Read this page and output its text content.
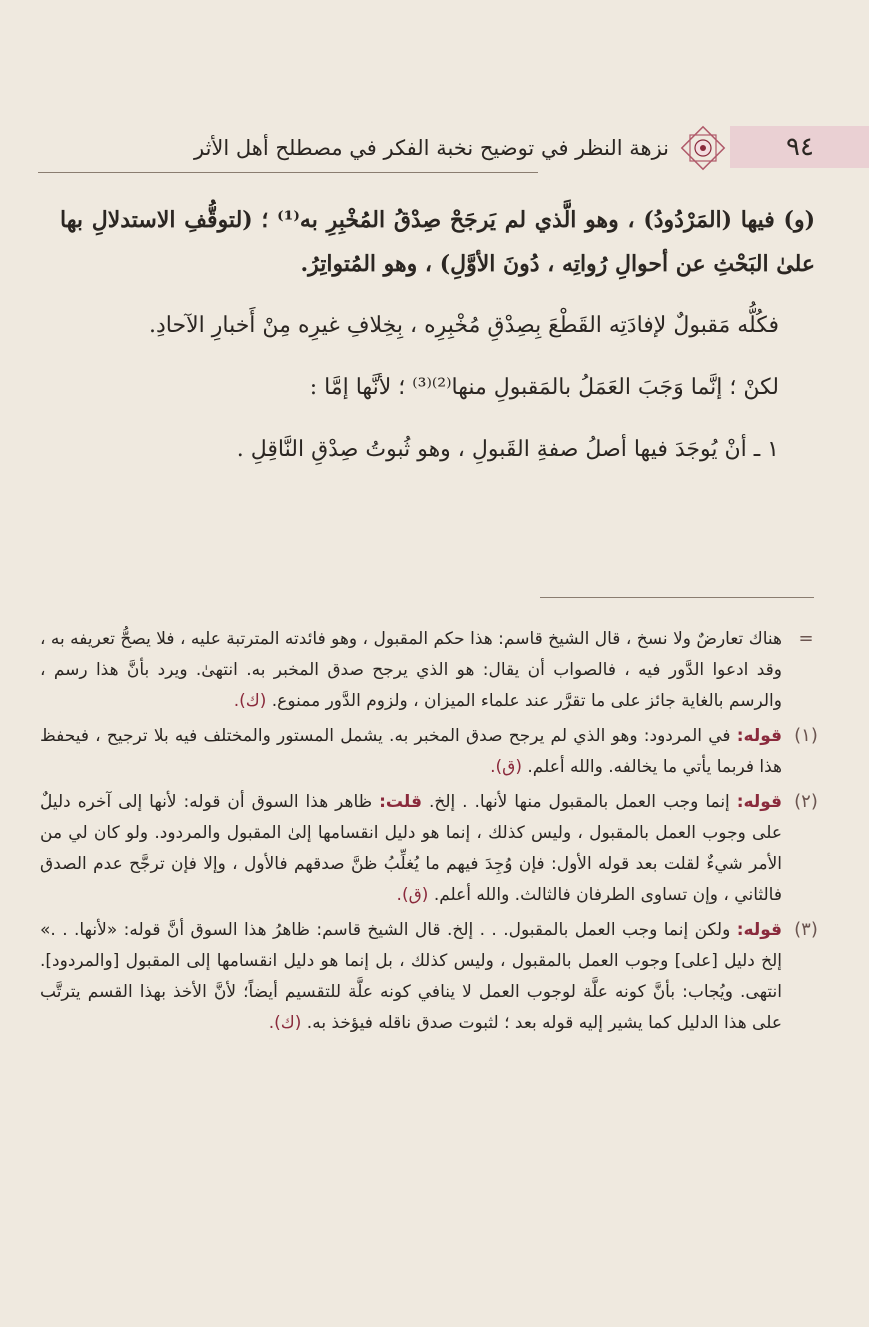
٩٤
نزهة النظر في توضيح نخبة الفكر في مصطلح أهل الأثر

(و) فيها (المَرْدُودُ) ، وهو الَّذي لم يَرجَحْ صِدْقُ المُخْبِرِ به⁽¹⁾ ؛ (لتوقُّفِ الاستدلالِ بها علىٰ البَحْثِ عن أحوالِ رُواتِه ، دُونَ الأوَّلِ) ، وهو المُتواتِرُ.

فكُلُّه مَقبولٌ لإفادَتِه القَطْعَ بِصِدْقِ مُخْبِرِه ، بِخِلافِ غيرِه مِنْ أَخبارِ الآحادِ.

لكنْ ؛ إنَّما وَجَبَ العَمَلُ بالمَقبولِ منها⁽²⁾⁽³⁾ ؛ لأنَّها إمَّا :

١ ـ أنْ يُوجَدَ فيها أصلُ صفةِ القَبولِ ، وهو ثُبوتُ صِدْقِ النَّاقِلِ .

=

هناك تعارضٌ ولا نسخ ، قال الشيخ قاسم: هذا حكم المقبول ، وهو فائدته المترتبة عليه ، فلا يصحُّ تعريفه به ، وقد ادعوا الدَّور فيه ، فالصواب أن يقال: هو الذي يرجح صدق المخبر به. انتهىٰ. ويرد بأنَّ هذا رسم ، والرسم بالغاية جائز على ما تقرَّر عند علماء الميزان ، ولزوم الدَّور ممنوع. (ك).

(١)

قوله: في المردود: وهو الذي لم يرجح صدق المخبر به. يشمل المستور والمختلف فيه بلا ترجيح ، فيحفظ هذا فربما يأتي ما يخالفه. والله أعلم. (ق).

(٢)

قوله: إنما وجب العمل بالمقبول منها لأنها. . إلخ. قلت: ظاهر هذا السوق أن قوله: لأنها إلى آخره دليلٌ على وجوب العمل بالمقبول ، وليس كذلك ، إنما هو دليل انقسامها إلىٰ المقبول والمردود. ولو كان لي من الأمر شيءٌ لقلت بعد قوله الأول: فإن وُجِدَ فيهم ما يُغلِّبُ ظنَّ صدقهم فالأول ، وإلا فإن ترجَّح عدم الصدق فالثاني ، وإن تساوى الطرفان فالثالث. والله أعلم. (ق).

(٣)

قوله: ولكن إنما وجب العمل بالمقبول. . . إلخ. قال الشيخ قاسم: ظاهرُ هذا السوق أنَّ قوله: «لأنها. . .» إلخ دليل [على] وجوب العمل بالمقبول ، وليس كذلك ، بل إنما هو دليل انقسامها إلى المقبول [والمردود]. انتهى. ويُجاب: بأنَّ كونه علَّة لوجوب العمل لا ينافي كونه علَّة للتقسيم أيضاً؛ لأنَّ الأخذ بهذا القسم يترتَّب على هذا الدليل كما يشير إليه قوله بعد ؛ لثبوت صدق ناقله فيؤخذ به. (ك).
